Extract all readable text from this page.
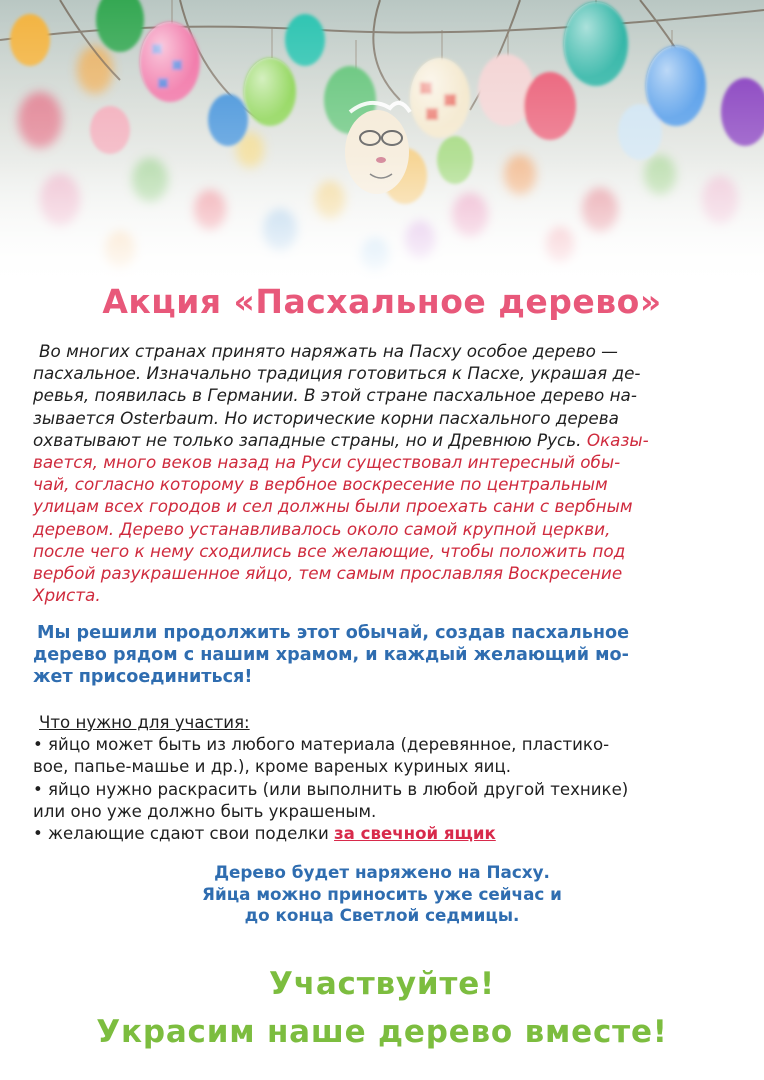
Акция «Пасхальное дерево»
Во многих странах принято наряжать на Пасху особое дерево —
пасхальное. Изначально традиция готовиться к Пасхе, украшая де-
ревья, появилась в Германии. В этой стране пасхальное дерево на-
зывается Osterbaum. Но исторические корни пасхального дерева
охватывают не только западные страны, но и Древнюю Русь. Оказы-
вается, много веков назад на Руси существовал интересный обы-
чай, согласно которому в вербное воскресение по центральным
улицам всех городов и сел должны были проехать сани с вербным
деревом. Дерево устанавливалось около самой крупной церкви,
после чего к нему сходились все желающие, чтобы положить под
вербой разукрашенное яйцо, тем самым прославляя Воскресение
Христа.
Мы решили продолжить этот обычай, создав пасхальное
дерево рядом с нашим храмом, и каждый желающий мо-
жет присоединиться!
Что нужно для участия:
• яйцо может быть из любого материала (деревянное, пластико-
вое, папье-машье и др.), кроме вареных куриных яиц.
• яйцо нужно раскрасить (или выполнить в любой другой технике)
или оно уже должно быть украшеным.
• желающие сдают свои поделки за свечной ящик
Дерево будет наряжено на Пасху.
Яйца можно приносить уже сейчас и
до конца Светлой седмицы.
Участвуйте!
Украсим наше дерево вместе!
